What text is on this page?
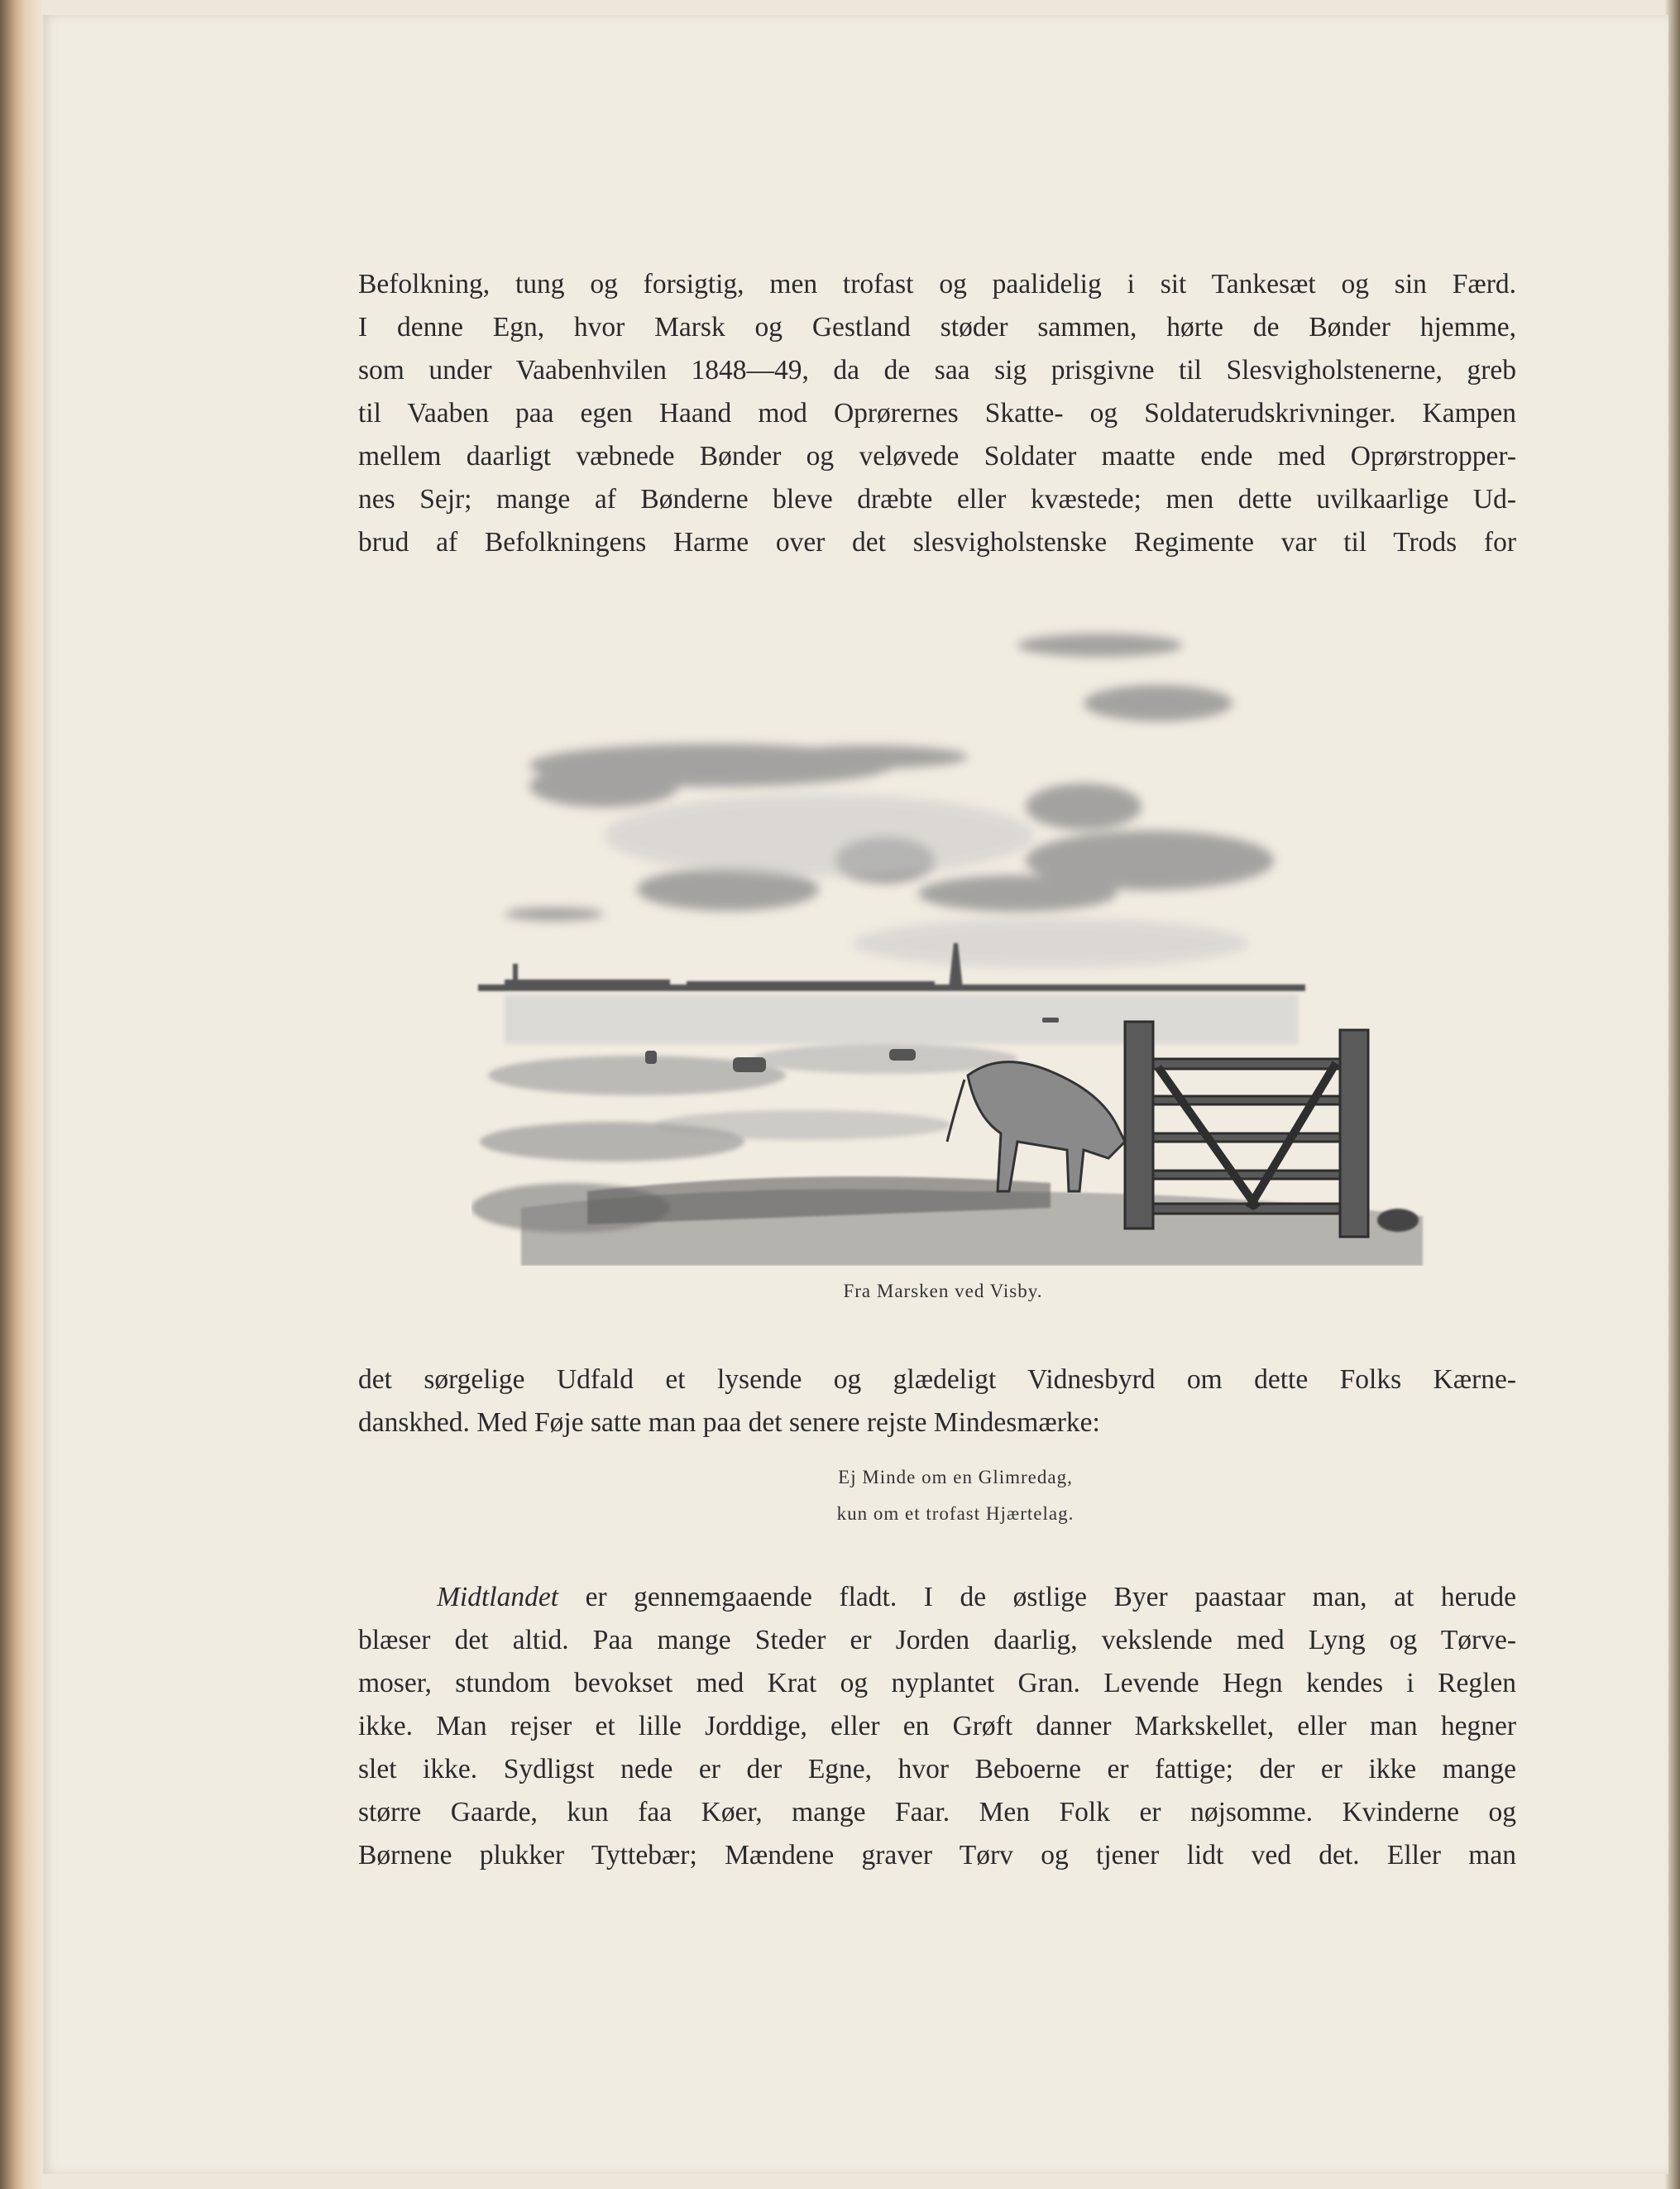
Befolkning, tung og forsigtig, men trofast og paalidelig i sit Tankesæt og sin Færd.
I denne Egn, hvor Marsk og Gestland støder sammen, hørte de Bønder hjemme,
som under Vaabenhvilen 1848—49, da de saa sig prisgivne til Slesvigholstenerne, greb
til Vaaben paa egen Haand mod Oprørernes Skatte- og Soldaterudskrivninger. Kampen
mellem daarligt væbnede Bønder og veløvede Soldater maatte ende med Oprørstropper-
nes Sejr; mange af Bønderne bleve dræbte eller kvæstede; men dette uvilkaarlige Ud-
brud af Befolkningens Harme over det slesvigholstenske Regimente var til Trods for
Fra Marsken ved Visby.
det sørgelige Udfald et lysende og glædeligt Vidnesbyrd om dette Folks Kærne-
danskhed. Med Føje satte man paa det senere rejste Mindesmærke:
Ej Minde om en Glimredag,
kun om et trofast Hjærtelag.
Midtlandet er gennemgaaende fladt. I de østlige Byer paastaar man, at herude
blæser det altid. Paa mange Steder er Jorden daarlig, vekslende med Lyng og Tørve-
moser, stundom bevokset med Krat og nyplantet Gran. Levende Hegn kendes i Reglen
ikke. Man rejser et lille Jorddige, eller en Grøft danner Markskellet, eller man hegner
slet ikke. Sydligst nede er der Egne, hvor Beboerne er fattige; der er ikke mange
større Gaarde, kun faa Køer, mange Faar. Men Folk er nøjsomme. Kvinderne og
Børnene plukker Tyttebær; Mændene graver Tørv og tjener lidt ved det. Eller man
